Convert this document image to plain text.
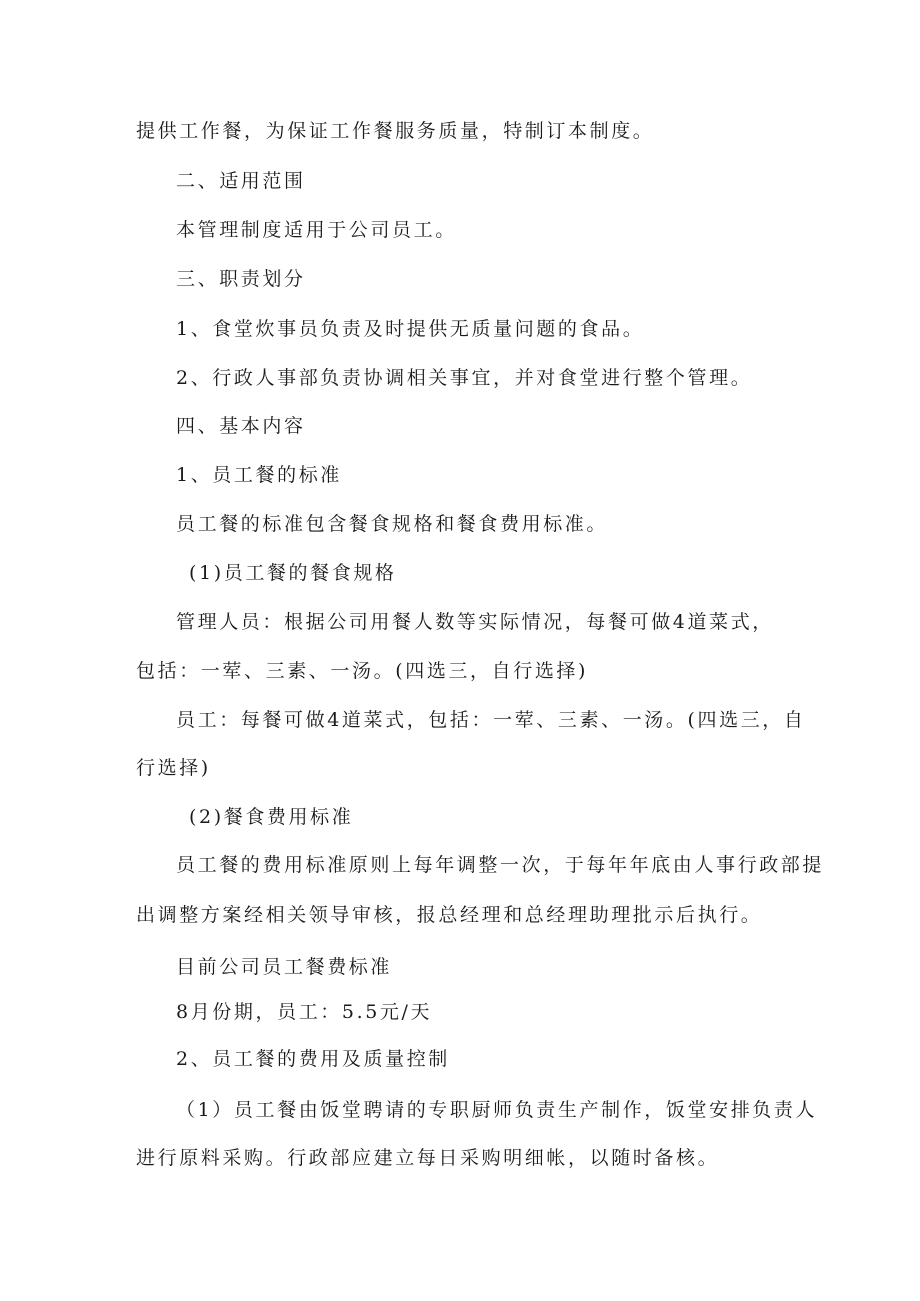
提供工作餐，为保证工作餐服务质量，特制订本制度。
二、适用范围
本管理制度适用于公司员工。
三、职责划分
1、食堂炊事员负责及时提供无质量问题的食品。
2、行政人事部负责协调相关事宜，并对食堂进行整个管理。
四、基本内容
1、员工餐的标准
员工餐的标准包含餐食规格和餐食费用标准。
(1)员工餐的餐食规格
管理人员：根据公司用餐人数等实际情况，每餐可做4道菜式，
包括：一荤、三素、一汤。(四选三，自行选择)
员工：每餐可做4道菜式，包括：一荤、三素、一汤。(四选三，自
行选择)
(2)餐食费用标准
员工餐的费用标准原则上每年调整一次，于每年年底由人事行政部提
出调整方案经相关领导审核，报总经理和总经理助理批示后执行。
目前公司员工餐费标准
8月份期，员工：5.5元/天
2、员工餐的费用及质量控制
（1）员工餐由饭堂聘请的专职厨师负责生产制作，饭堂安排负责人
进行原料采购。行政部应建立每日采购明细帐，以随时备核。
